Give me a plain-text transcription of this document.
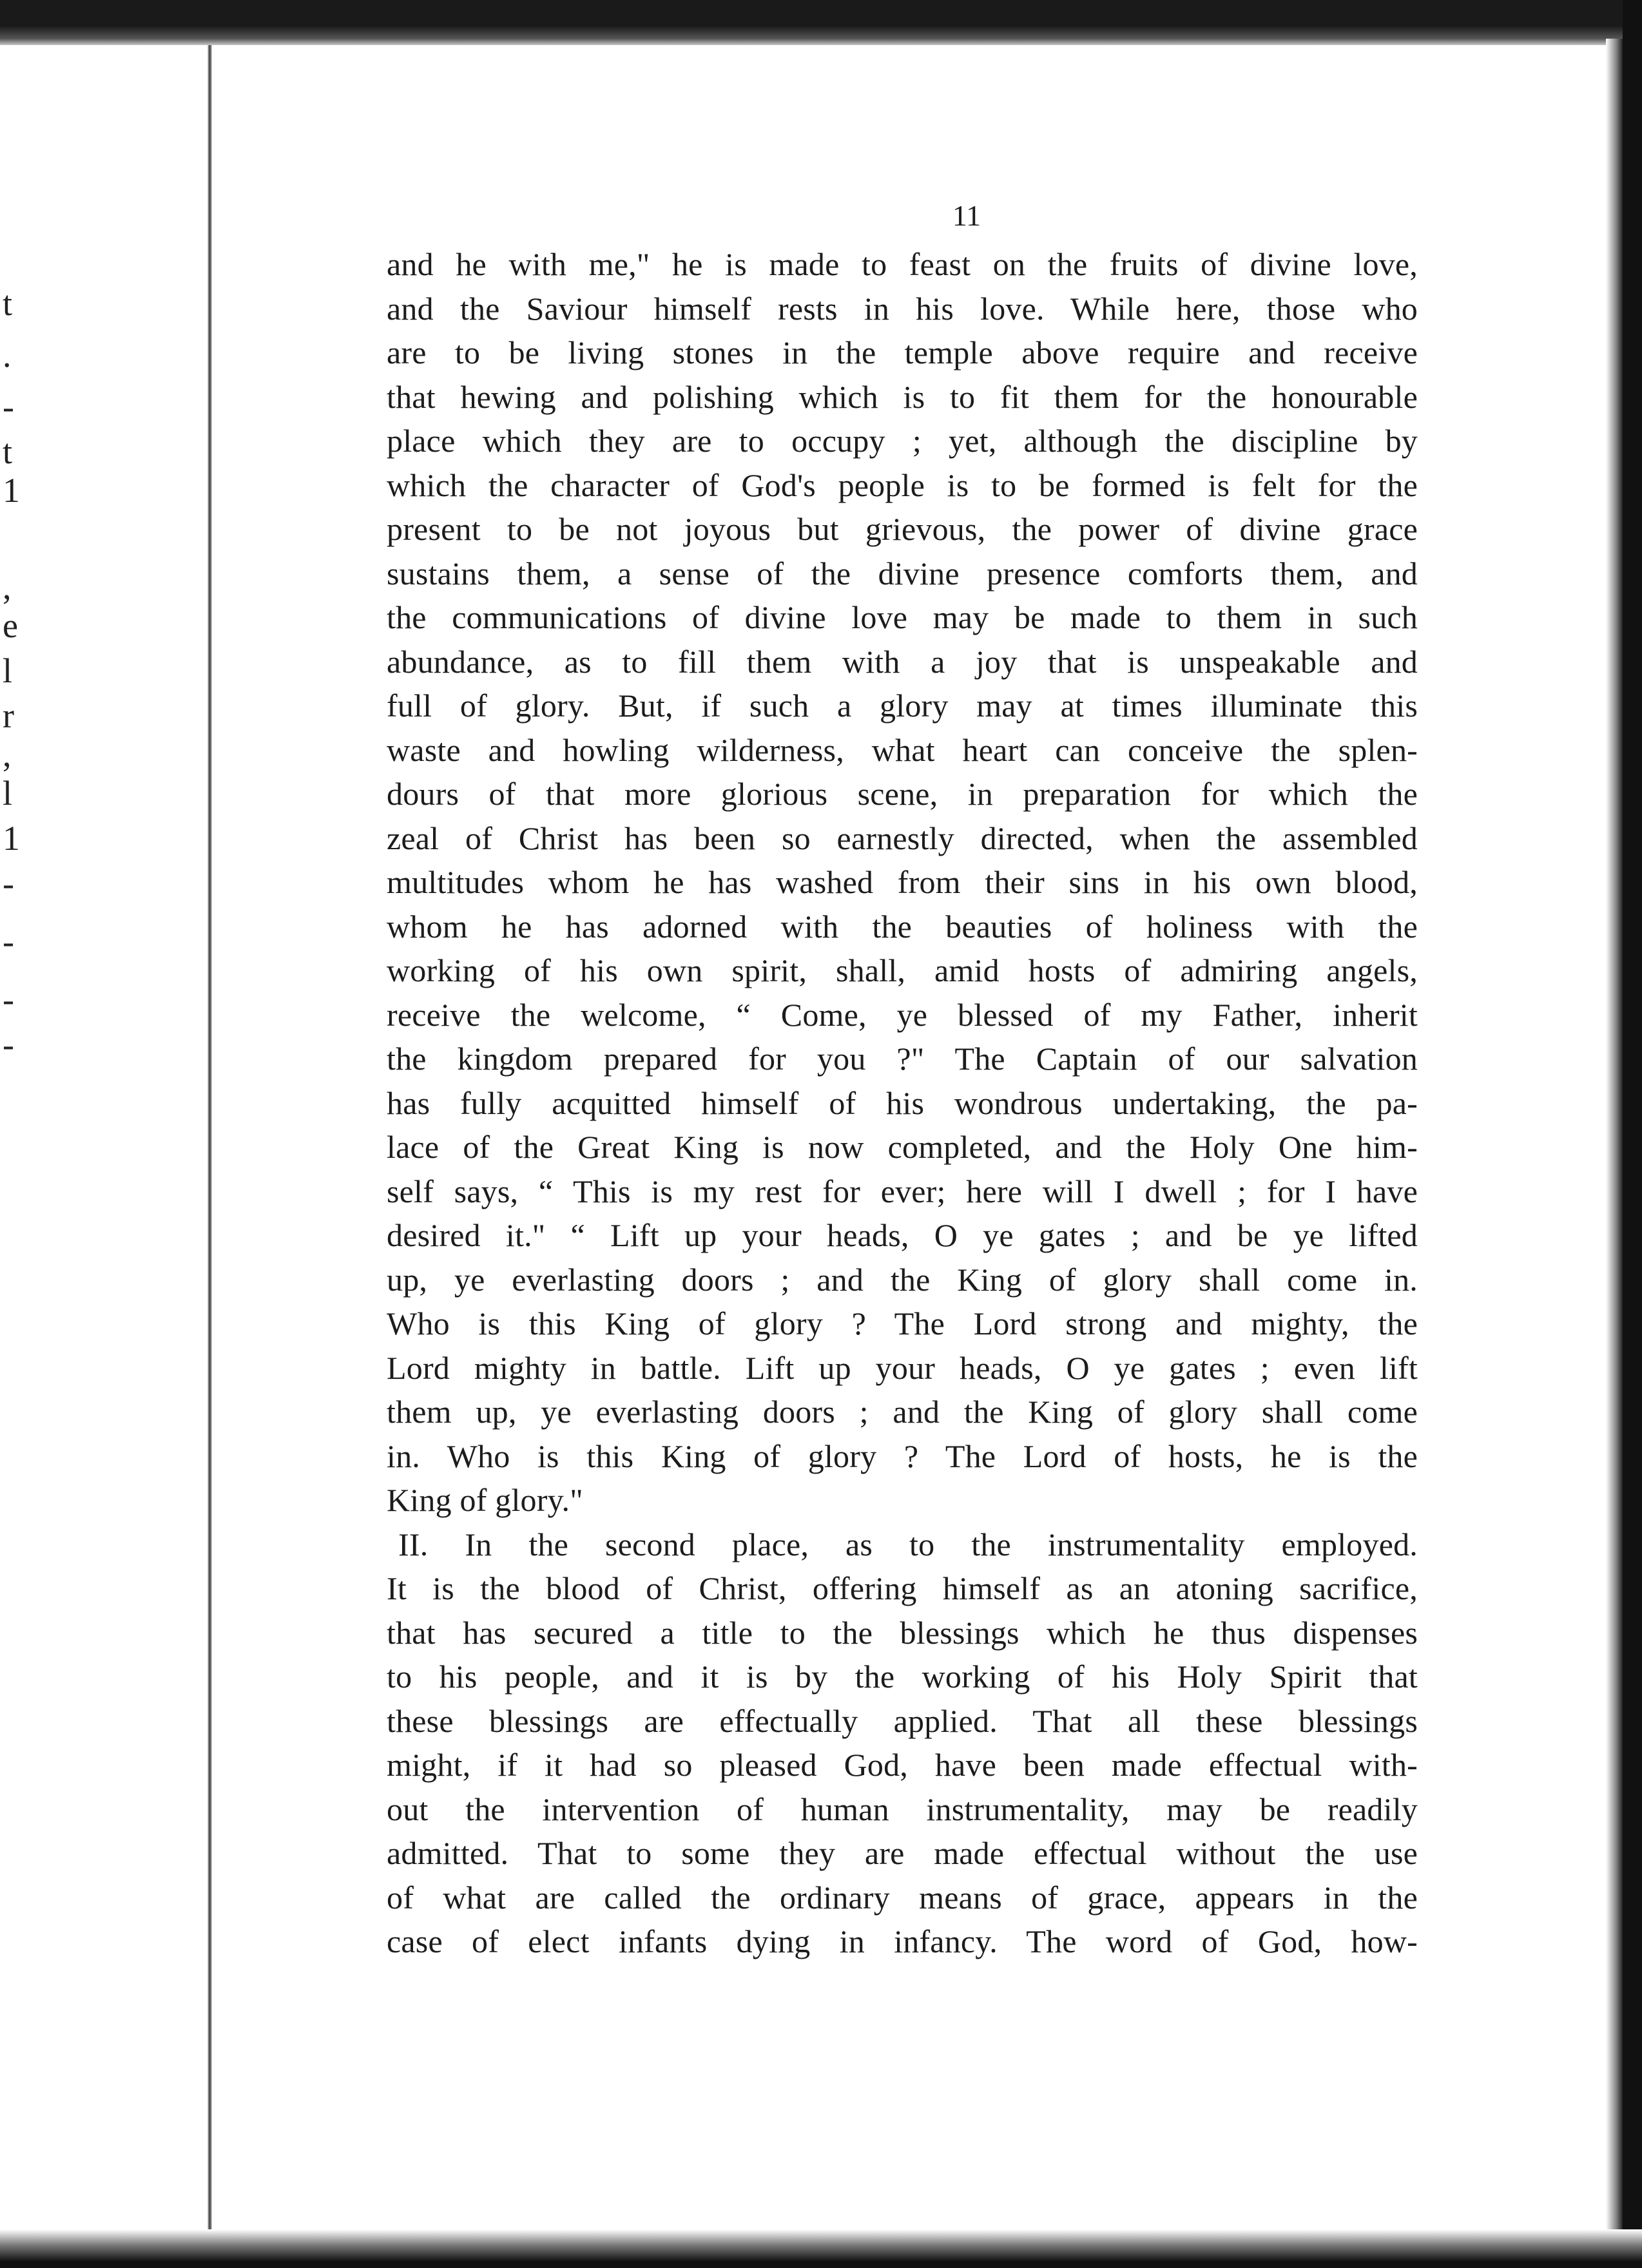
t
.
-
t
1
,
e
l
r
,
l
1
-
-
-
-
11
and he with me," he is made to feast on the fruits of divine love,
and the Saviour himself rests in his love. While here, those who
are to be living stones in the temple above require and receive
that hewing and polishing which is to fit them for the honourable
place which they are to occupy ; yet, although the discipline by
which the character of God's people is to be formed is felt for the
present to be not joyous but grievous, the power of divine grace
sustains them, a sense of the divine presence comforts them, and
the communications of divine love may be made to them in such
abundance, as to fill them with a joy that is unspeakable and
full of glory. But, if such a glory may at times illuminate this
waste and howling wilderness, what heart can conceive the splen-
dours of that more glorious scene, in preparation for which the
zeal of Christ has been so earnestly directed, when the assembled
multitudes whom he has washed from their sins in his own blood,
whom he has adorned with the beauties of holiness with the
working of his own spirit, shall, amid hosts of admiring angels,
receive the welcome, “ Come, ye blessed of my Father, inherit
the kingdom prepared for you ?" The Captain of our salvation
has fully acquitted himself of his wondrous undertaking, the pa-
lace of the Great King is now completed, and the Holy One him-
self says, “ This is my rest for ever; here will I dwell ; for I have
desired it." “ Lift up your heads, O ye gates ; and be ye lifted
up, ye everlasting doors ; and the King of glory shall come in.
Who is this King of glory ? The Lord strong and mighty, the
Lord mighty in battle. Lift up your heads, O ye gates ; even lift
them up, ye everlasting doors ; and the King of glory shall come
in. Who is this King of glory ? The Lord of hosts, he is the
King of glory."
II. In the second place, as to the instrumentality employed.
It is the blood of Christ, offering himself as an atoning sacrifice,
that has secured a title to the blessings which he thus dispenses
to his people, and it is by the working of his Holy Spirit that
these blessings are effectually applied. That all these blessings
might, if it had so pleased God, have been made effectual with-
out the intervention of human instrumentality, may be readily
admitted. That to some they are made effectual without the use
of what are called the ordinary means of grace, appears in the
case of elect infants dying in infancy. The word of God, how-
